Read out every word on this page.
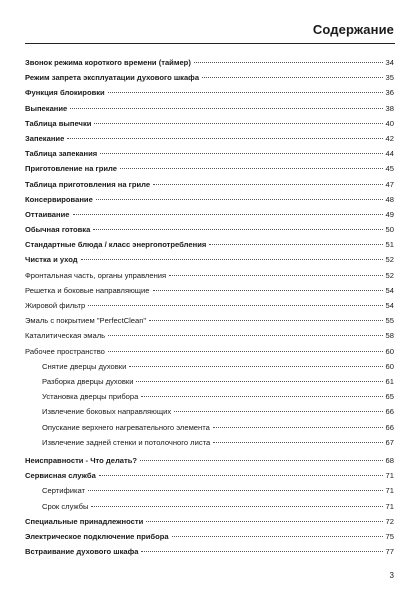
Содержание
Звонок режима короткого времени (таймер)	34
Режим запрета эксплуатации духового шкафа	35
Функция блокировки	36
Выпекание	38
Таблица выпечки	40
Запекание	42
Таблица запекания	44
Приготовление на гриле	45
Таблица приготовления на гриле	47
Консервирование	48
Оттаивание	49
Обычная готовка	50
Стандартные блюда / класс энергопотребления	51
Чистка и уход	52
Фронтальная часть, органы управления	52
Решетка и боковые направляющие	54
Жировой фильтр	54
Эмаль с покрытием "PerfectClean"	55
Каталитическая эмаль	58
Рабочее пространство	60
Снятие дверцы духовки	60
Разборка дверцы духовки	61
Установка дверцы прибора	65
Извлечение боковых направляющих	66
Опускание верхнего нагревательного элемента	66
Извлечение задней стенки и потолочного листа	67
Неисправности - Что делать?	68
Сервисная служба	71
Сертификат	71
Срок службы	71
Специальные принадлежности	72
Электрическое подключение прибора	75
Встраивание духового шкафа	77
3
